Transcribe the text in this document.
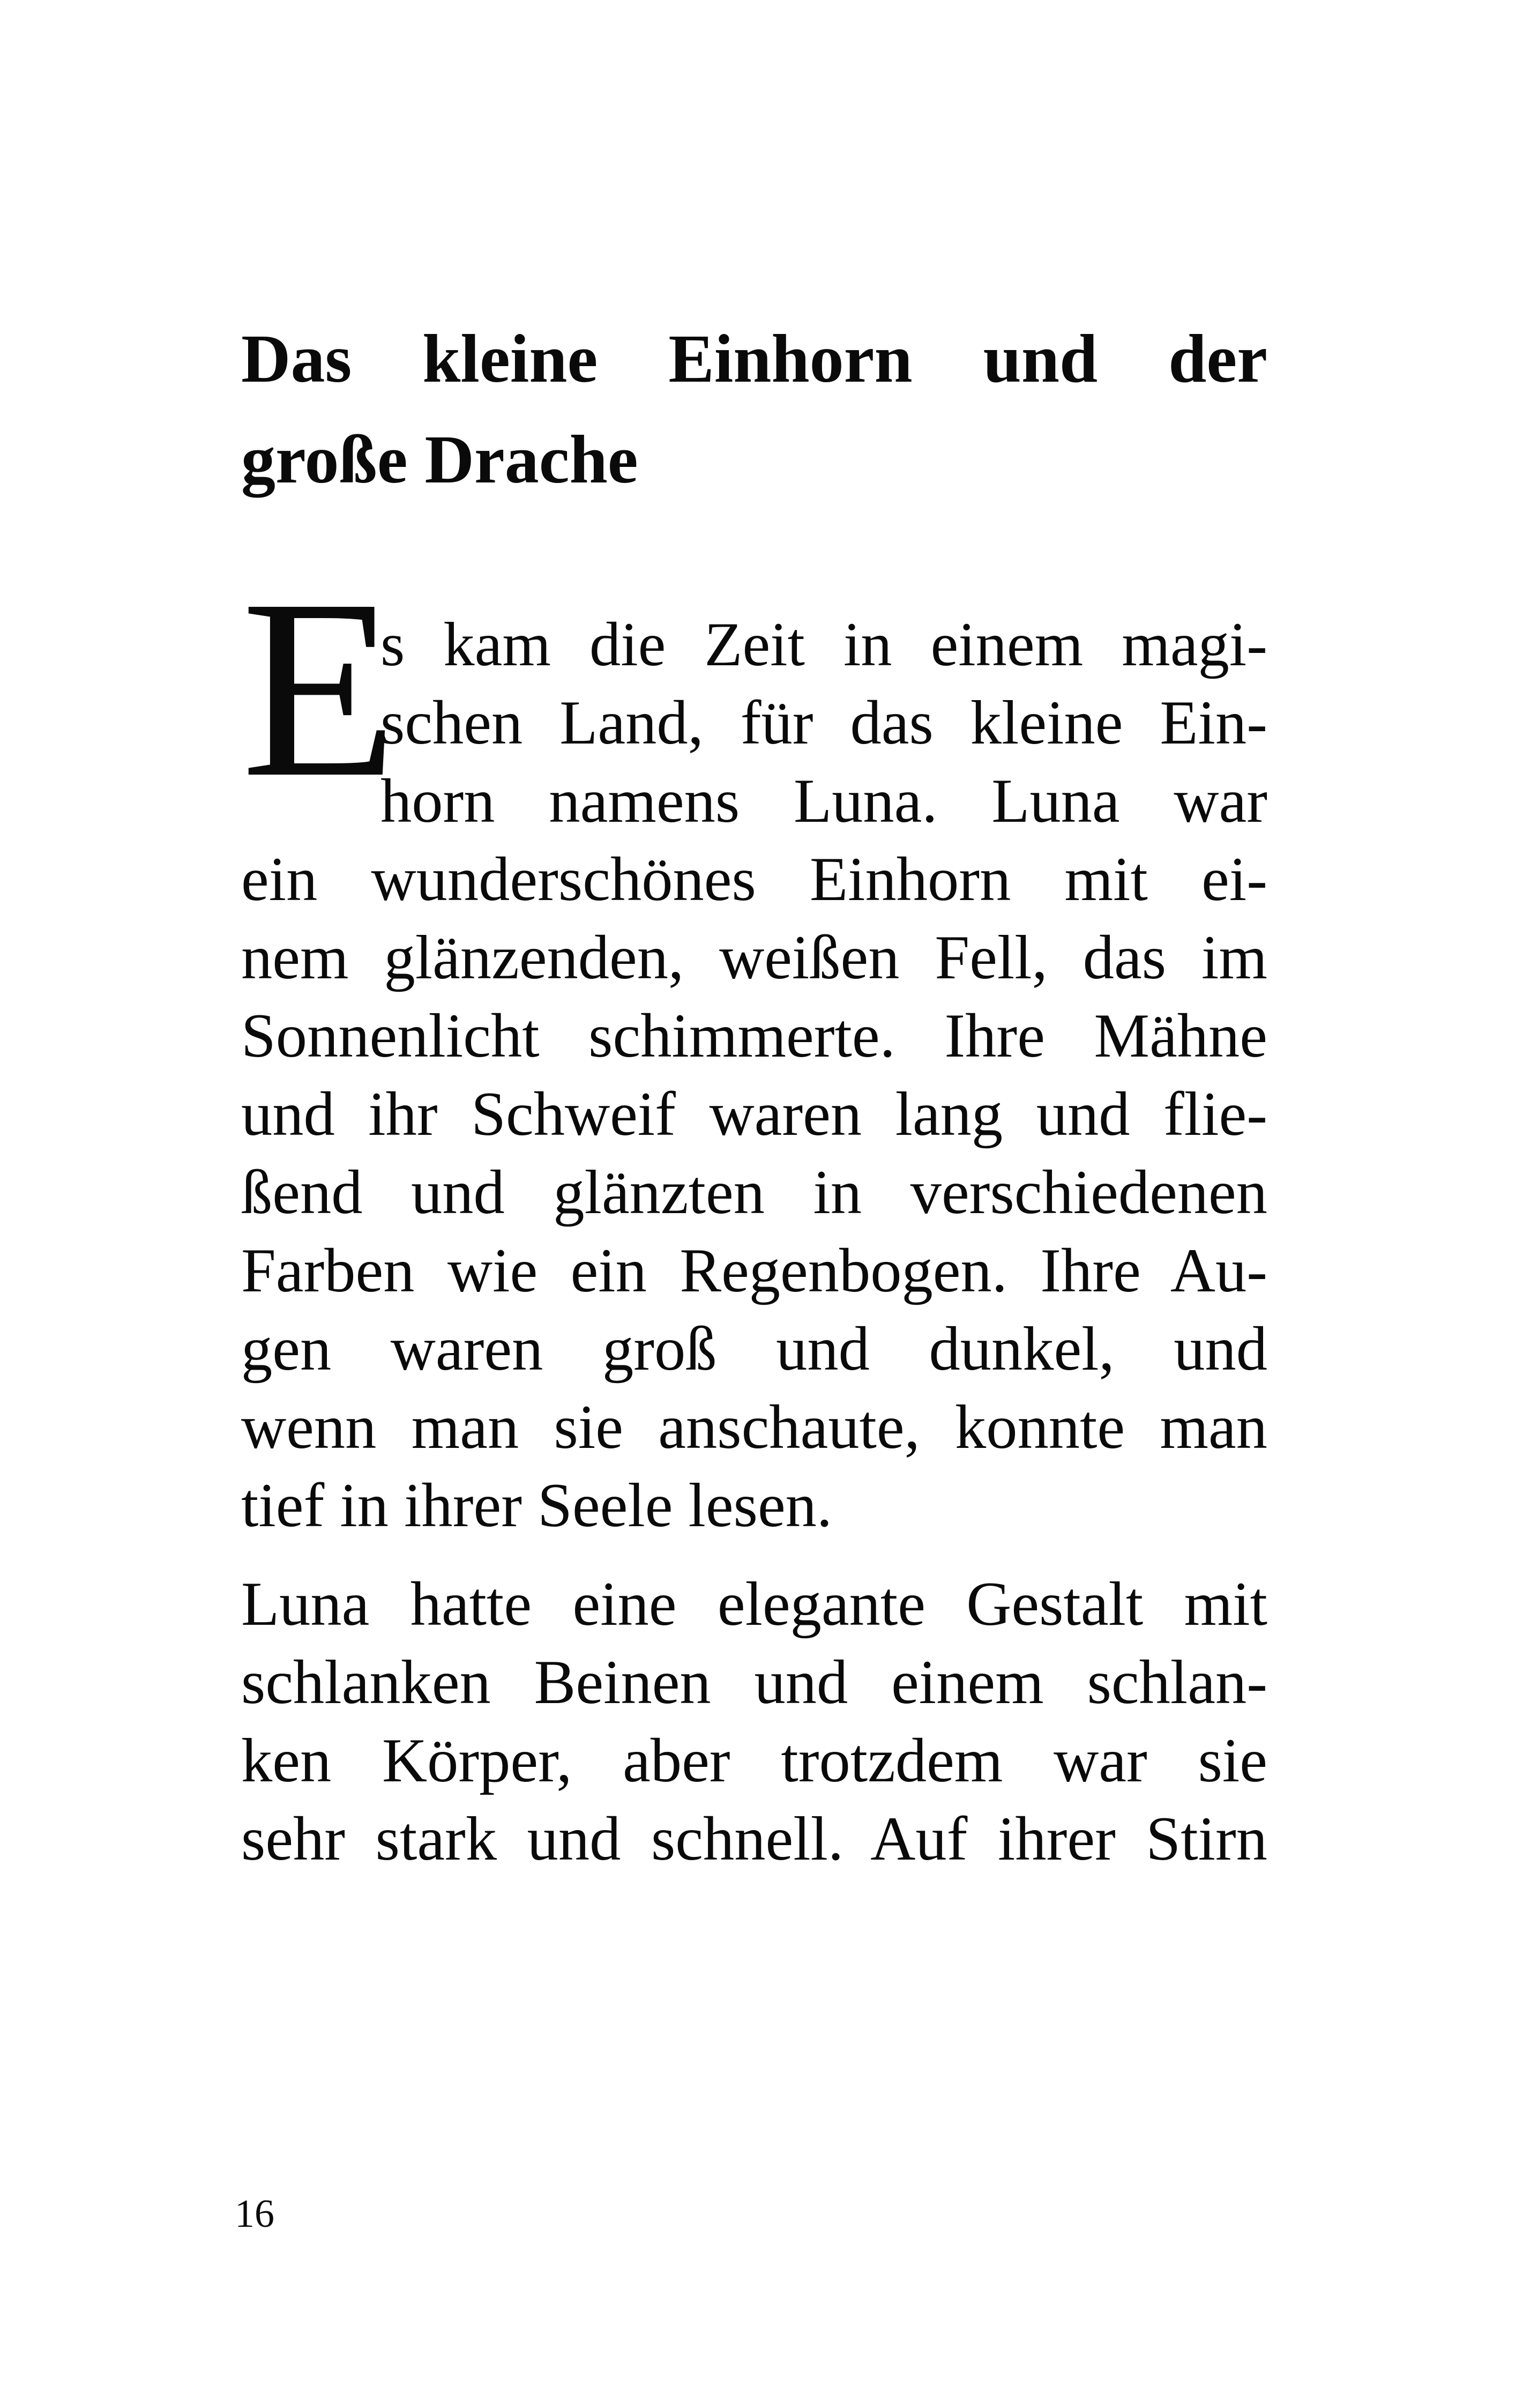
Das kleine Einhorn und der
große Drache
E

s kam die Zeit in einem magi-
schen Land, für das kleine Ein-
horn namens Luna. Luna war
ein wunderschönes Einhorn mit ei-
nem glänzenden, weißen Fell, das im
Sonnenlicht schimmerte. Ihre Mähne
und ihr Schweif waren lang und flie-
ßend und glänzten in verschiedenen
Farben wie ein Regenbogen. Ihre Au-
gen waren groß und dunkel, und
wenn man sie anschaute, konnte man
tief in ihrer Seele lesen.

Luna hatte eine elegante Gestalt mit
schlanken Beinen und einem schlan-
ken Körper, aber trotzdem war sie
sehr stark und schnell. Auf ihrer Stirn

16
